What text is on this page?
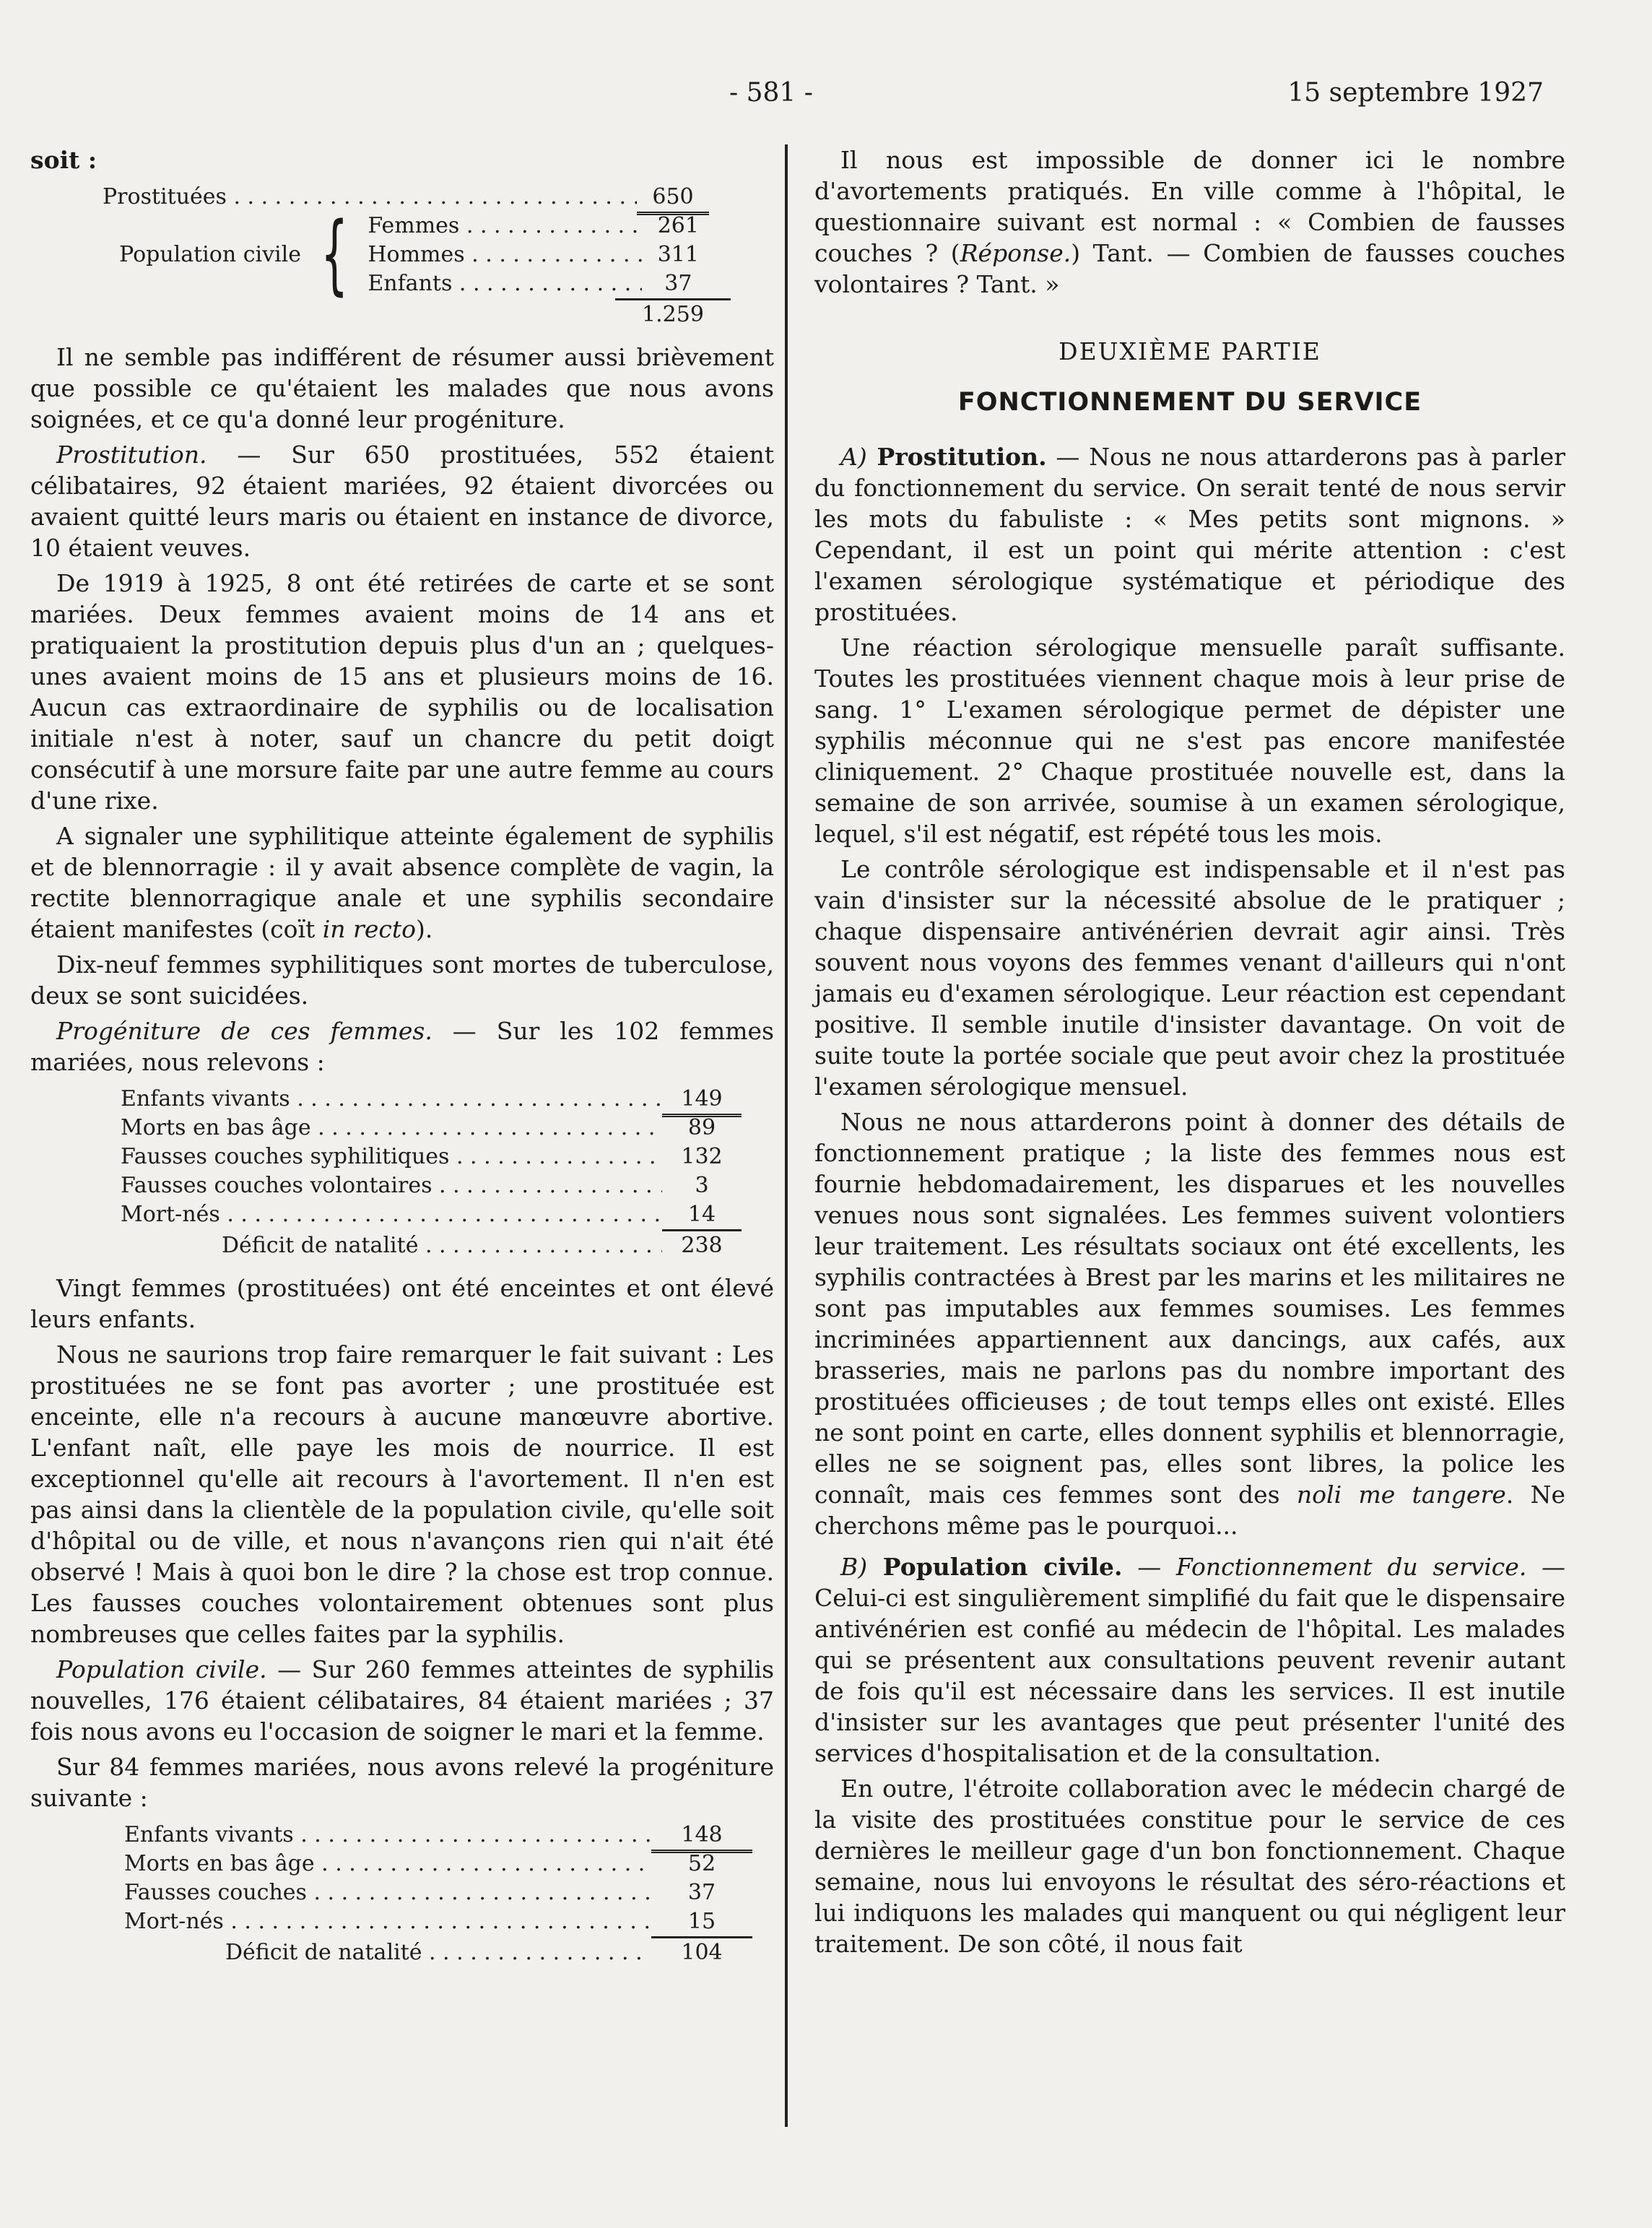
- 581 -	15 septembre 1927

soit :

Prostituées . . .	650
Population civile { Femmes . . .	261
Hommes . . .	311
Enfants . . .	37
1.259

Il ne semble pas indifférent de résumer aussi brièvement que possible ce qu'étaient les malades que nous avons soignées, et ce qu'a donné leur progéniture.

Prostitution. — Sur 650 prostituées, 552 étaient célibataires, 92 étaient mariées, 92 étaient divorcées ou avaient quitté leurs maris ou étaient en instance de divorce, 10 étaient veuves.

De 1919 à 1925, 8 ont été retirées de carte et se sont mariées. Deux femmes avaient moins de 14 ans et pratiquaient la prostitution depuis plus d'un an ; quelques-unes avaient moins de 15 ans et plusieurs moins de 16. Aucun cas extraordinaire de syphilis ou de localisation initiale n'est à noter, sauf un chancre du petit doigt consécutif à une morsure faite par une autre femme au cours d'une rixe.

A signaler une syphilitique atteinte également de syphilis et de blennorragie : il y avait absence complète de vagin, la rectite blennorragique anale et une syphilis secondaire étaient manifestes (coït in recto).

Dix-neuf femmes syphilitiques sont mortes de tuberculose, deux se sont suicidées.

Progéniture de ces femmes. — Sur les 102 femmes mariées, nous relevons :

Enfants vivants . . .	149
Morts en bas âge . . .	89
Fausses couches syphilitiques . . .	132
Fausses couches volontaires . . .	3
Mort-nés . . .	14
Déficit de natalité . . .	238

Vingt femmes (prostituées) ont été enceintes et ont élevé leurs enfants.

Nous ne saurions trop faire remarquer le fait suivant : Les prostituées ne se font pas avorter ; une prostituée est enceinte, elle n'a recours à aucune manœuvre abortive. L'enfant naît, elle paye les mois de nourrice. Il est exceptionnel qu'elle ait recours à l'avortement. Il n'en est pas ainsi dans la clientèle de la population civile, qu'elle soit d'hôpital ou de ville, et nous n'avançons rien qui n'ait été observé ! Mais à quoi bon le dire ? la chose est trop connue. Les fausses couches volontairement obtenues sont plus nombreuses que celles faites par la syphilis.

Population civile. — Sur 260 femmes atteintes de syphilis nouvelles, 176 étaient célibataires, 84 étaient mariées ; 37 fois nous avons eu l'occasion de soigner le mari et la femme.

Sur 84 femmes mariées, nous avons relevé la progéniture suivante :

Enfants vivants . . .	148
Morts en bas âge . . .	52
Fausses couches . . .	37
Mort-nés . . .	15
Déficit de natalité . . .	104

Il nous est impossible de donner ici le nombre d'avortements pratiqués. En ville comme à l'hôpital, le questionnaire suivant est normal : « Combien de fausses couches ? (Réponse.) Tant. — Combien de fausses couches volontaires ? Tant. »

DEUXIÈME PARTIE
FONCTIONNEMENT DU SERVICE

A) Prostitution. — Nous ne nous attarderons pas à parler du fonctionnement du service. On serait tenté de nous servir les mots du fabuliste : « Mes petits sont mignons. » Cependant, il est un point qui mérite attention : c'est l'examen sérologique systématique et périodique des prostituées.

Une réaction sérologique mensuelle paraît suffisante. Toutes les prostituées viennent chaque mois à leur prise de sang. 1° L'examen sérologique permet de dépister une syphilis méconnue qui ne s'est pas encore manifestée cliniquement. 2° Chaque prostituée nouvelle est, dans la semaine de son arrivée, soumise à un examen sérologique, lequel, s'il est négatif, est répété tous les mois.

Le contrôle sérologique est indispensable et il n'est pas vain d'insister sur la nécessité absolue de le pratiquer ; chaque dispensaire antivénérien devrait agir ainsi. Très souvent nous voyons des femmes venant d'ailleurs qui n'ont jamais eu d'examen sérologique. Leur réaction est cependant positive. Il semble inutile d'insister davantage. On voit de suite toute la portée sociale que peut avoir chez la prostituée l'examen sérologique mensuel.

Nous ne nous attarderons point à donner des détails de fonctionnement pratique ; la liste des femmes nous est fournie hebdomadairement, les disparues et les nouvelles venues nous sont signalées. Les femmes suivent volontiers leur traitement. Les résultats sociaux ont été excellents, les syphilis contractées à Brest par les marins et les militaires ne sont pas imputables aux femmes soumises. Les femmes incriminées appartiennent aux dancings, aux cafés, aux brasseries, mais ne parlons pas du nombre important des prostituées officieuses ; de tout temps elles ont existé. Elles ne sont point en carte, elles donnent syphilis et blennorragie, elles ne se soignent pas, elles sont libres, la police les connaît, mais ces femmes sont des noli me tangere. Ne cherchons même pas le pourquoi...

B) Population civile. — Fonctionnement du service. — Celui-ci est singulièrement simplifié du fait que le dispensaire antivénérien est confié au médecin de l'hôpital. Les malades qui se présentent aux consultations peuvent revenir autant de fois qu'il est nécessaire dans les services. Il est inutile d'insister sur les avantages que peut présenter l'unité des services d'hospitalisation et de la consultation.

En outre, l'étroite collaboration avec le médecin chargé de la visite des prostituées constitue pour le service de ces dernières le meilleur gage d'un bon fonctionnement. Chaque semaine, nous lui envoyons le résultat des séro-réactions et lui indiquons les malades qui manquent ou qui négligent leur traitement. De son côté, il nous fait
